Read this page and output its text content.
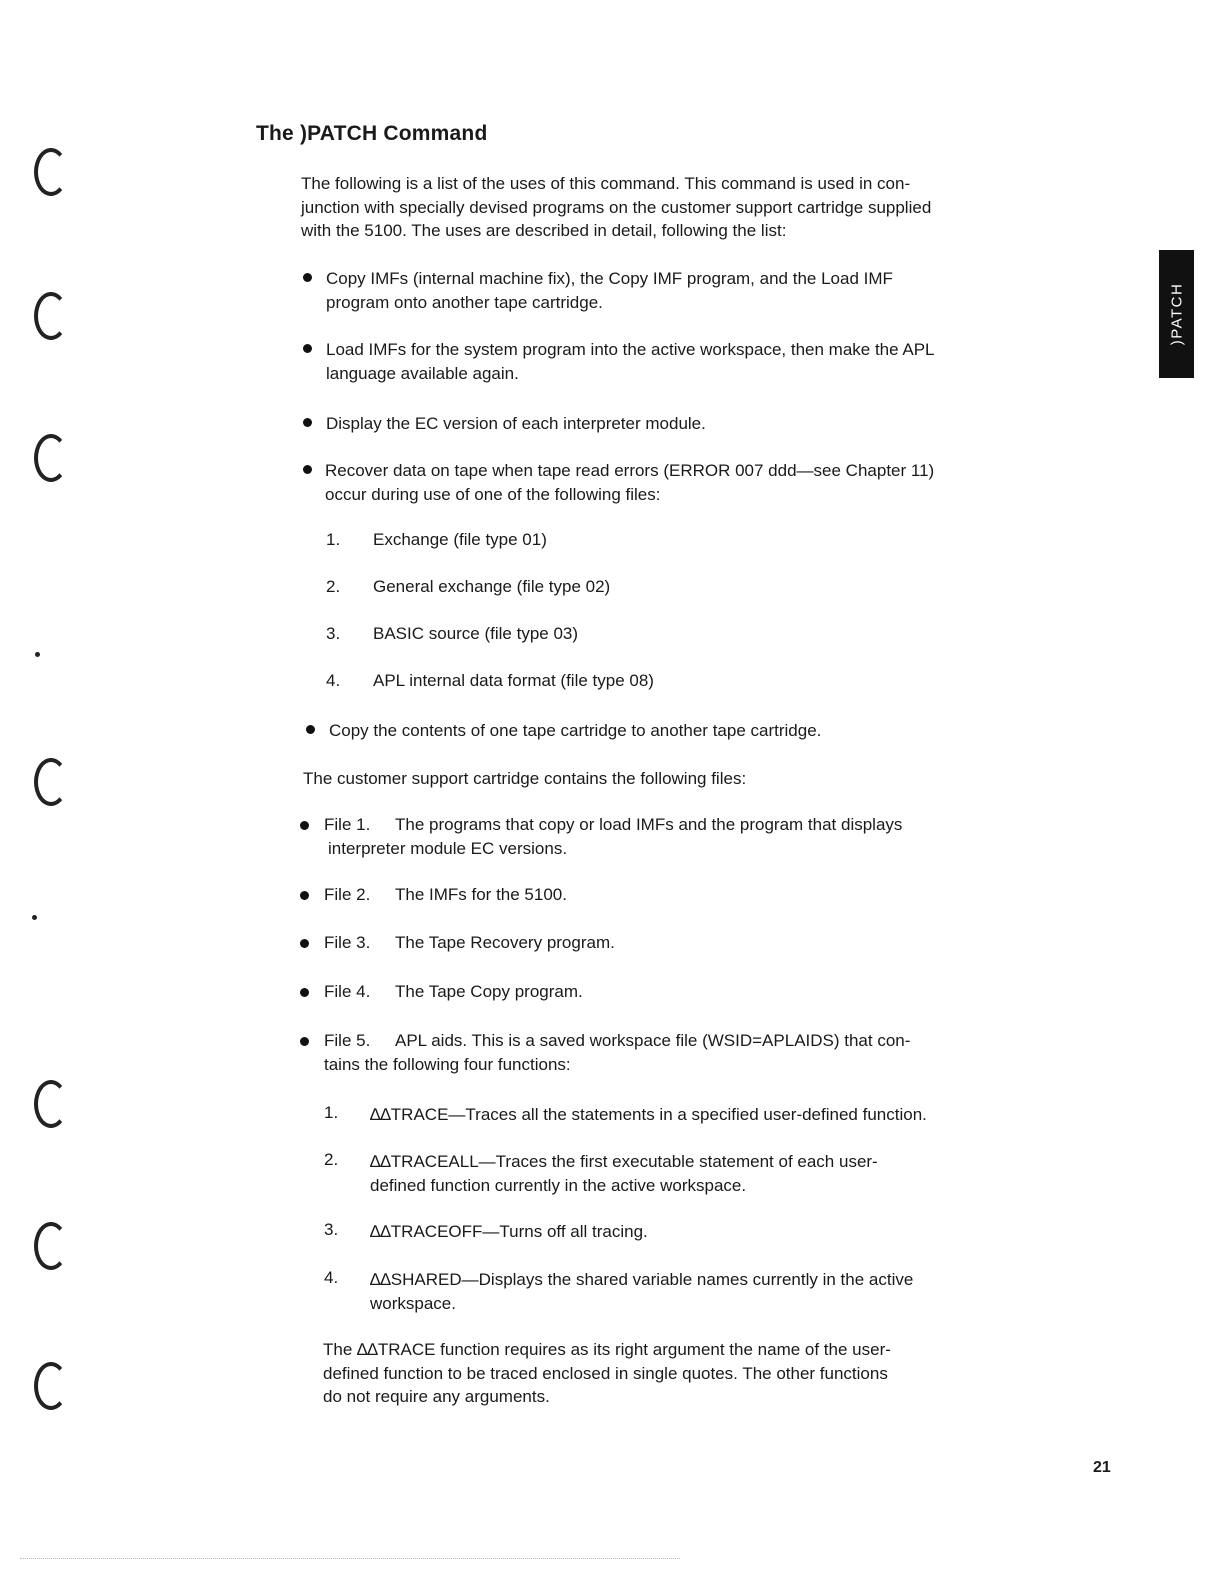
The )PATCH Command
)PATCH
The following is a list of the uses of this command. This command is used in con-
junction with specially devised programs on the customer support cartridge supplied
with the 5100. The uses are described in detail, following the list:
Copy IMFs (internal machine fix), the Copy IMF program, and the Load IMF
program onto another tape cartridge.
Load IMFs for the system program into the active workspace, then make the APL
language available again.
Display the EC version of each interpreter module.
Recover data on tape when tape read errors (ERROR 007 ddd—see Chapter 11)
occur during use of one of the following files:
1. Exchange (file type 01)
2. General exchange (file type 02)
3. BASIC source (file type 03)
4. APL internal data format (file type 08)
Copy the contents of one tape cartridge to another tape cartridge.
The customer support cartridge contains the following files:
File 1. The programs that copy or load IMFs and the program that displays
interpreter module EC versions.
File 2. The IMFs for the 5100.
File 3. The Tape Recovery program.
File 4. The Tape Copy program.
File 5. APL aids. This is a saved workspace file (WSID=APLAIDS) that con-
tains the following four functions:
1. ∆∆TRACE—Traces all the statements in a specified user-defined function.
2. ∆∆TRACEALL—Traces the first executable statement of each user-
defined function currently in the active workspace.
3. ∆∆TRACEOFF—Turns off all tracing.
4. ∆∆SHARED—Displays the shared variable names currently in the active
workspace.
The ∆∆TRACE function requires as its right argument the name of the user-
defined function to be traced enclosed in single quotes. The other functions
do not require any arguments.
21
